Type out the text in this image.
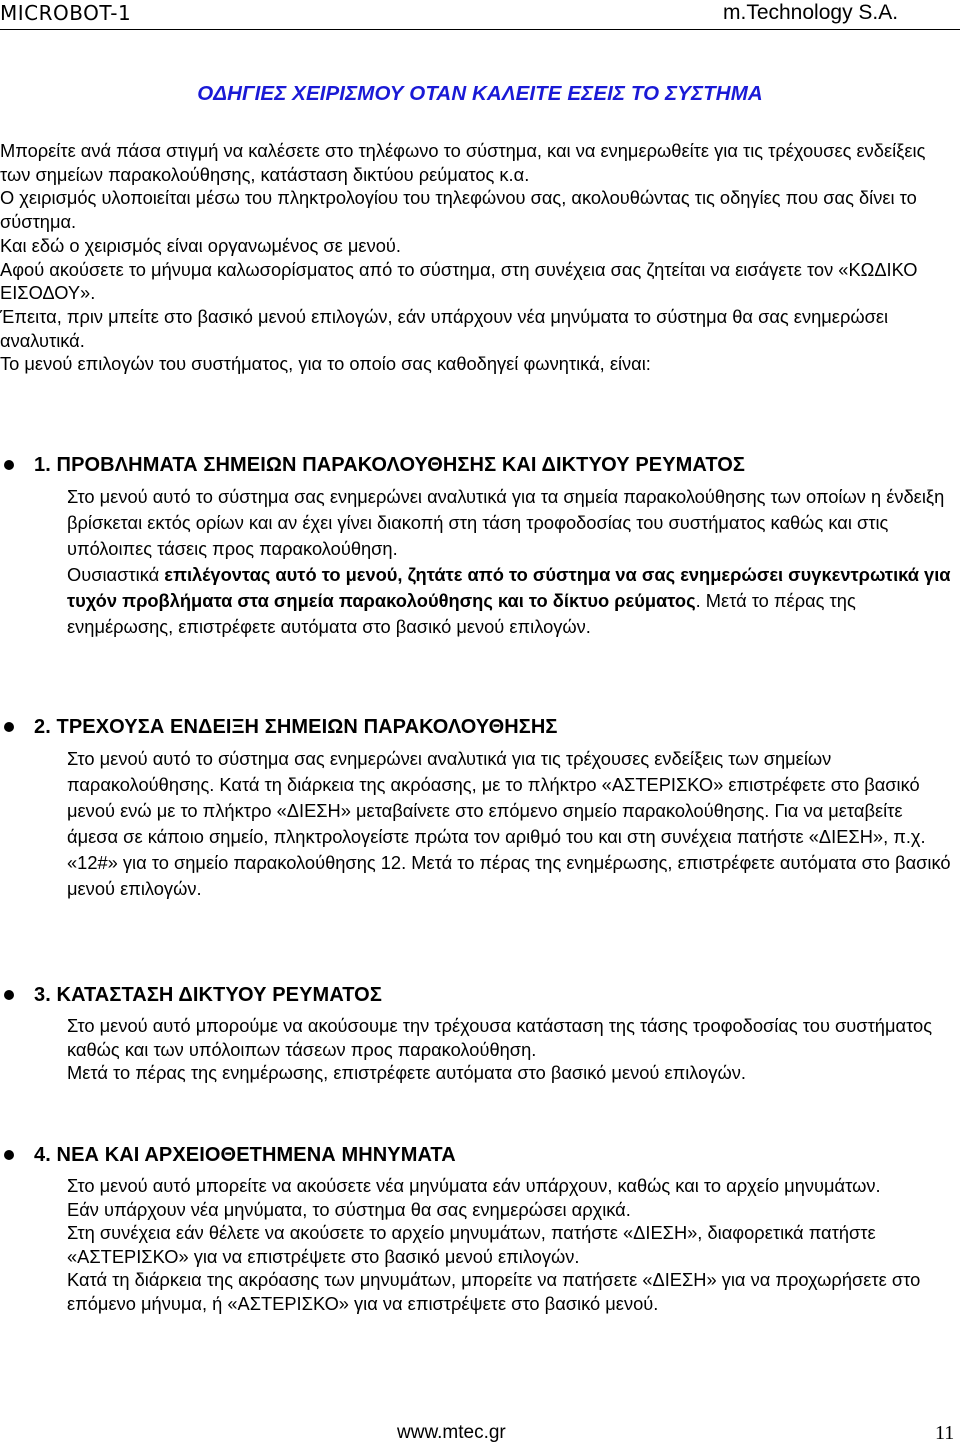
MICROBOT-1	m.Technology S.A.
ΟΔΗΓΙΕΣ ΧΕΙΡΙΣΜΟΥ ΟΤΑΝ ΚΑΛΕΙΤΕ ΕΣΕΙΣ ΤΟ ΣΥΣΤΗΜΑ

Μπορείτε ανά πάσα στιγμή να καλέσετε στο τηλέφωνο το σύστημα, και να ενημερωθείτε για τις τρέχουσες ενδείξεις των σημείων παρακολούθησης, κατάσταση δικτύου ρεύματος κ.α.

Ο χειρισμός υλοποιείται μέσω του πληκτρολογίου του τηλεφώνου σας, ακολουθώντας τις οδηγίες που σας δίνει το σύστημα.

Και εδώ ο χειρισμός είναι οργανωμένος σε μενού.

Αφού ακούσετε το μήνυμα καλωσορίσματος από το σύστημα, στη συνέχεια σας ζητείται να εισάγετε τον «ΚΩΔΙΚΟ ΕΙΣΟΔΟΥ».

Έπειτα, πριν μπείτε στο βασικό μενού επιλογών, εάν υπάρχουν νέα μηνύματα το σύστημα θα σας ενημερώσει αναλυτικά.

Το μενού επιλογών του συστήματος, για το οποίο σας καθοδηγεί φωνητικά, είναι:

1. ΠΡΟΒΛΗΜΑΤΑ ΣΗΜΕΙΩΝ ΠΑΡΑΚΟΛΟΥΘΗΣΗΣ ΚΑΙ ΔΙΚΤΥΟΥ ΡΕΥΜΑΤΟΣ

Στο μενού αυτό το σύστημα σας ενημερώνει αναλυτικά για τα σημεία παρακολούθησης των οποίων η ένδειξη βρίσκεται εκτός ορίων και αν έχει γίνει διακοπή στη τάση τροφοδοσίας του συστήματος καθώς και στις υπόλοιπες τάσεις προς παρακολούθηση.

Ουσιαστικά επιλέγοντας αυτό το μενού, ζητάτε από το σύστημα να σας ενημερώσει συγκεντρωτικά για τυχόν προβλήματα στα σημεία παρακολούθησης και το δίκτυο ρεύματος. Μετά το πέρας της ενημέρωσης, επιστρέφετε αυτόματα στο βασικό μενού επιλογών.

2. ΤΡΕΧΟΥΣΑ ΕΝΔΕΙΞΗ ΣΗΜΕΙΩΝ ΠΑΡΑΚΟΛΟΥΘΗΣΗΣ

Στο μενού αυτό το σύστημα σας ενημερώνει αναλυτικά για τις τρέχουσες ενδείξεις των σημείων παρακολούθησης. Κατά τη διάρκεια της ακρόασης, με το πλήκτρο «ΑΣΤΕΡΙΣΚΟ» επιστρέφετε στο βασικό μενού ενώ με το πλήκτρο «ΔΙΕΣΗ» μεταβαίνετε στο επόμενο σημείο παρακολούθησης. Για να μεταβείτε άμεσα σε κάποιο σημείο, πληκτρολογείστε πρώτα τον αριθμό του και στη συνέχεια πατήστε «ΔΙΕΣΗ», π.χ. «12#» για το σημείο παρακολούθησης 12. Μετά το πέρας της ενημέρωσης, επιστρέφετε αυτόματα στο βασικό μενού επιλογών.

3. ΚΑΤΑΣΤΑΣΗ ΔΙΚΤΥΟΥ ΡΕΥΜΑΤΟΣ

Στο μενού αυτό μπορούμε να ακούσουμε την τρέχουσα κατάσταση της τάσης τροφοδοσίας του συστήματος καθώς και των υπόλοιπων τάσεων προς παρακολούθηση.

Μετά το πέρας της ενημέρωσης, επιστρέφετε αυτόματα στο βασικό μενού επιλογών.

4. ΝΕΑ ΚΑΙ ΑΡΧΕΙΟΘΕΤΗΜΕΝΑ ΜΗΝΥΜΑΤΑ

Στο μενού αυτό μπορείτε να ακούσετε νέα μηνύματα εάν υπάρχουν, καθώς και το αρχείο μηνυμάτων.

Εάν υπάρχουν νέα μηνύματα, το σύστημα θα σας ενημερώσει αρχικά.

Στη συνέχεια εάν θέλετε να ακούσετε το αρχείο μηνυμάτων, πατήστε «ΔΙΕΣΗ», διαφορετικά πατήστε «ΑΣΤΕΡΙΣΚΟ» για να επιστρέψετε στο βασικό μενού επιλογών.

Κατά τη διάρκεια της ακρόασης των μηνυμάτων, μπορείτε να πατήσετε «ΔΙΕΣΗ» για να προχωρήσετε στο επόμενο μήνυμα, ή «ΑΣΤΕΡΙΣΚΟ» για να επιστρέψετε στο βασικό μενού.

www.mtec.gr	11
